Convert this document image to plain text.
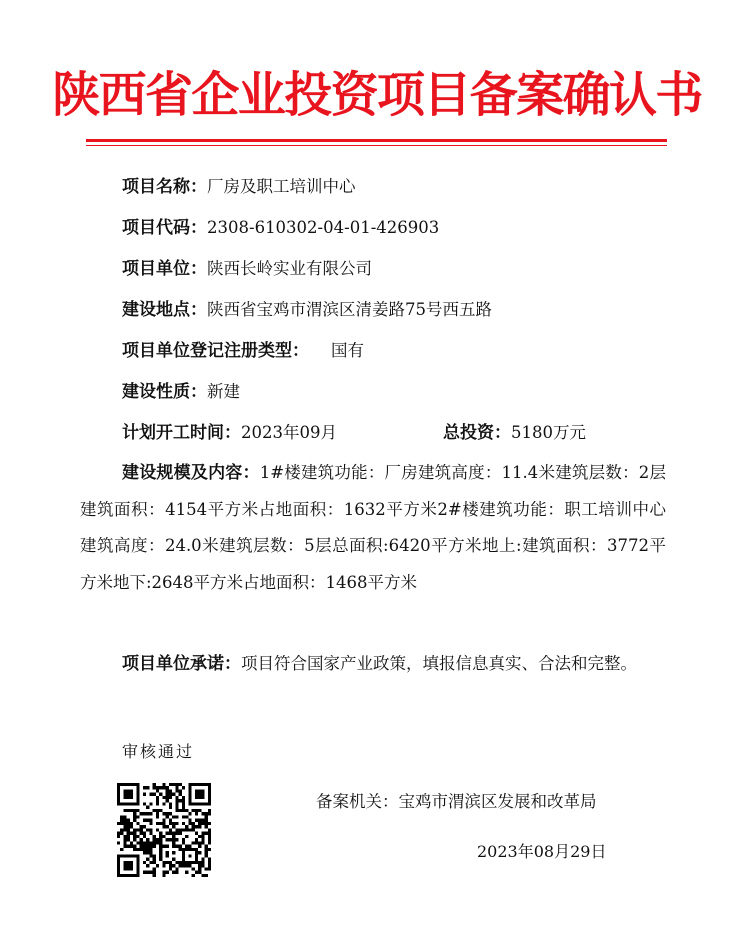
陕西省企业投资项目备案确认书
项目名称：厂房及职工培训中心
项目代码：2308-610302-04-01-426903
项目单位：陕西长岭实业有限公司
建设地点：陕西省宝鸡市渭滨区清姜路75号西五路
项目单位登记注册类型： 国有
建设性质：新建
计划开工时间：2023年09月	总投资：5180万元
建设规模及内容：1#楼建筑功能：厂房建筑高度：11.4米建筑层数：2层建筑面积：4154平方米占地面积：1632平方米2#楼建筑功能：职工培训中心建筑高度：24.0米建筑层数：5层总面积:6420平方米地上:建筑面积：3772平方米地下:2648平方米占地面积：1468平方米
项目单位承诺：项目符合国家产业政策，填报信息真实、合法和完整。
审核通过
备案机关：宝鸡市渭滨区发展和改革局
2023年08月29日
